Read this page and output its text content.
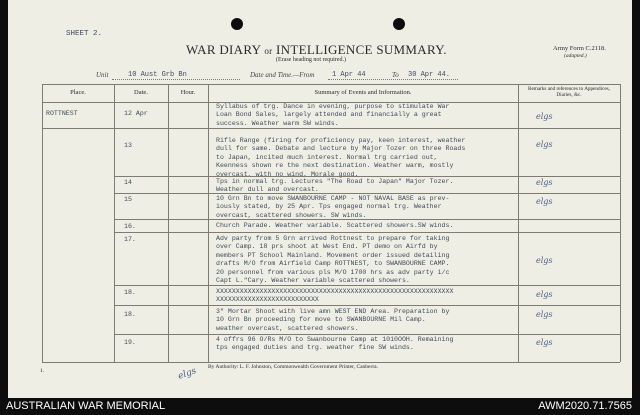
SHEET 2.
WAR DIARY or INTELLIGENCE SUMMARY.
(Erase heading not required.)
Army Form C.2118.
(adapted.)
Unit	10 Aust Grb Bn	Date and Time.—From	1 Apr 44	To 30 Apr 44.
Place.	Date.	Hour.	Summary of Events and Information.	Remarks and references to Appendices, Diaries, &c.
ROTTNEST	12 Apr
Syllabus of trg. Dance in evening, purpose to stimulate War
Loan Bond Sales, largely attended and financially a great
success. Weather warm SW winds.
elgs
13
Rifle Range (firing for proficiency pay, keen interest, weather
dull for same. Debate and lecture by Major Tozer on three Roads
to Japan, incited much interest. Normal trg carried out,
Keenness shown re the next destination. Weather warm, mostly
overcast, with no wind. Morale good.
elgs
14	Tps in normal trg. Lectures "The Road to Japan" Major Tozer.
Weather dull and overcast.
elgs
15	10 Grn Bn to move SWANBOURNE CAMP - NOT NAVAL BASE as prev-
iously stated, by 25 Apr. Tps engaged normal trg. Weather
overcast, scattered showers. SW winds.
elgs
16.	Church Parade. Weather variable. Scattered showers.SW winds.
17.	Adv party from 5 Grn arrived Rottnest to prepare for taking
over Camp. 18 prs shoot at West End. PT demo on Airfd by
members PT School Mainland. Movement order issued detailing
drafts M/O from Airfield Camp ROTTNEST, to SWANBOURNE CAMP.
20 personnel from various pls M/O 1700 hrs as adv party i/c
Capt L."Cary. Weather variable scattered showers.
elgs
18.	XXXXXXXXXXXXXXXXXXXXXXXXXXXXXXXXXXXXXXXXXXXXXXXXXXXXXXXXXXXX
XXXXXXXXXXXXXXXXXXXXXXXXXX
elgs
18.	3" Mortar Shoot with live amn WEST END Area. Preparation by
10 Grn Bn proceeding for move to SWANBOURNE Mil Camp.
weather overcast, scattered showers.
elgs
19.	4 offrs 96 O/Rs M/O to Swanbourne Camp at 1010OOH. Remaining
tps engaged duties and trg. weather fine SW winds.
elgs
1.
By Authority: L. F. Johnston, Commonwealth Government Printer, Canberra.
elgs
AUSTRALIAN WAR MEMORIAL	AWM2020.71.7565
